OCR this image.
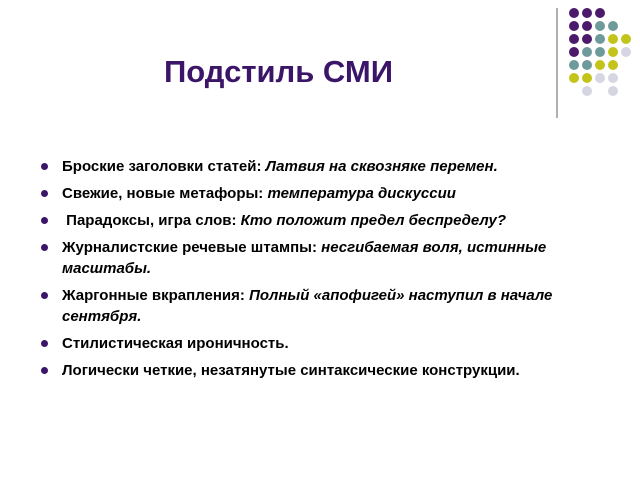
Подстиль СМИ
Броские заголовки статей: Латвия на сквозняке перемен.
Свежие, новые метафоры: температура дискуссии
Парадоксы, игра слов: Кто положит предел беспределу?
Журналистские речевые штампы: несгибаемая воля, истинные масштабы.
Жаргонные вкрапления: Полный «апофигей» наступил в начале сентября.
Стилистическая ироничность.
Логически четкие, незатянутые синтаксические конструкции.
